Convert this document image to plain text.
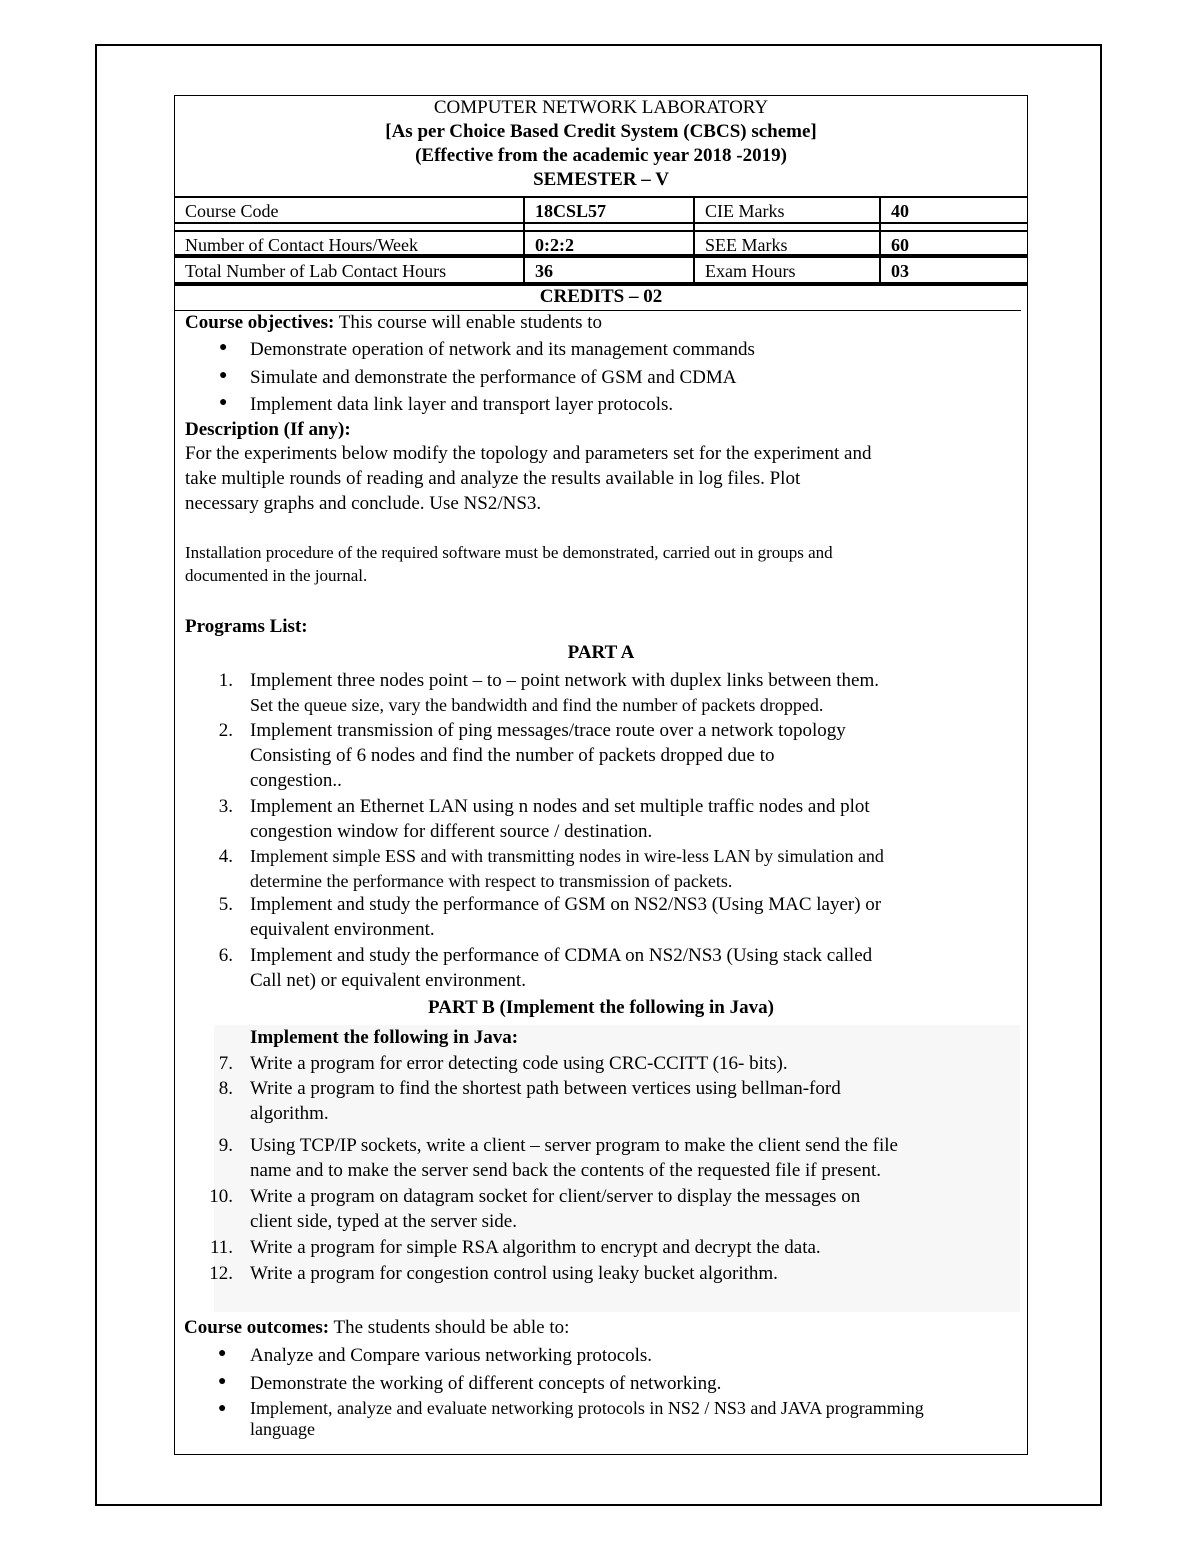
COMPUTER NETWORK LABORATORY
[As per Choice Based Credit System (CBCS) scheme]
(Effective from the academic year 2018 -2019)
SEMESTER – V
Course Code	18CSL57	CIE Marks	40
Number of Contact Hours/Week	0:2:2	SEE Marks	60
Total Number of Lab Contact Hours	36	Exam Hours	03
CREDITS – 02
Course objectives: This course will enable students to
● Demonstrate operation of network and its management commands
● Simulate and demonstrate the performance of GSM and CDMA
● Implement data link layer and transport layer protocols.
Description (If any):
For the experiments below modify the topology and parameters set for the experiment and
take multiple rounds of reading and analyze the results available in log files. Plot
necessary graphs and conclude. Use NS2/NS3.
Installation procedure of the required software must be demonstrated, carried out in groups and
documented in the journal.
Programs List:
PART A
1. Implement three nodes point – to – point network with duplex links between them.
Set the queue size, vary the bandwidth and find the number of packets dropped.
2. Implement transmission of ping messages/trace route over a network topology
Consisting of 6 nodes and find the number of packets dropped due to
congestion..
3. Implement an Ethernet LAN using n nodes and set multiple traffic nodes and plot
congestion window for different source / destination.
4. Implement simple ESS and with transmitting nodes in wire-less LAN by simulation and
determine the performance with respect to transmission of packets.
5. Implement and study the performance of GSM on NS2/NS3 (Using MAC layer) or
equivalent environment.
6. Implement and study the performance of CDMA on NS2/NS3 (Using stack called
Call net) or equivalent environment.
PART B (Implement the following in Java)
Implement the following in Java:
7. Write a program for error detecting code using CRC-CCITT (16- bits).
8. Write a program to find the shortest path between vertices using bellman-ford
algorithm.
9. Using TCP/IP sockets, write a client – server program to make the client send the file
name and to make the server send back the contents of the requested file if present.
10. Write a program on datagram socket for client/server to display the messages on
client side, typed at the server side.
11. Write a program for simple RSA algorithm to encrypt and decrypt the data.
12. Write a program for congestion control using leaky bucket algorithm.
Course outcomes: The students should be able to:
● Analyze and Compare various networking protocols.
● Demonstrate the working of different concepts of networking.
● Implement, analyze and evaluate networking protocols in NS2 / NS3 and JAVA programming
language
